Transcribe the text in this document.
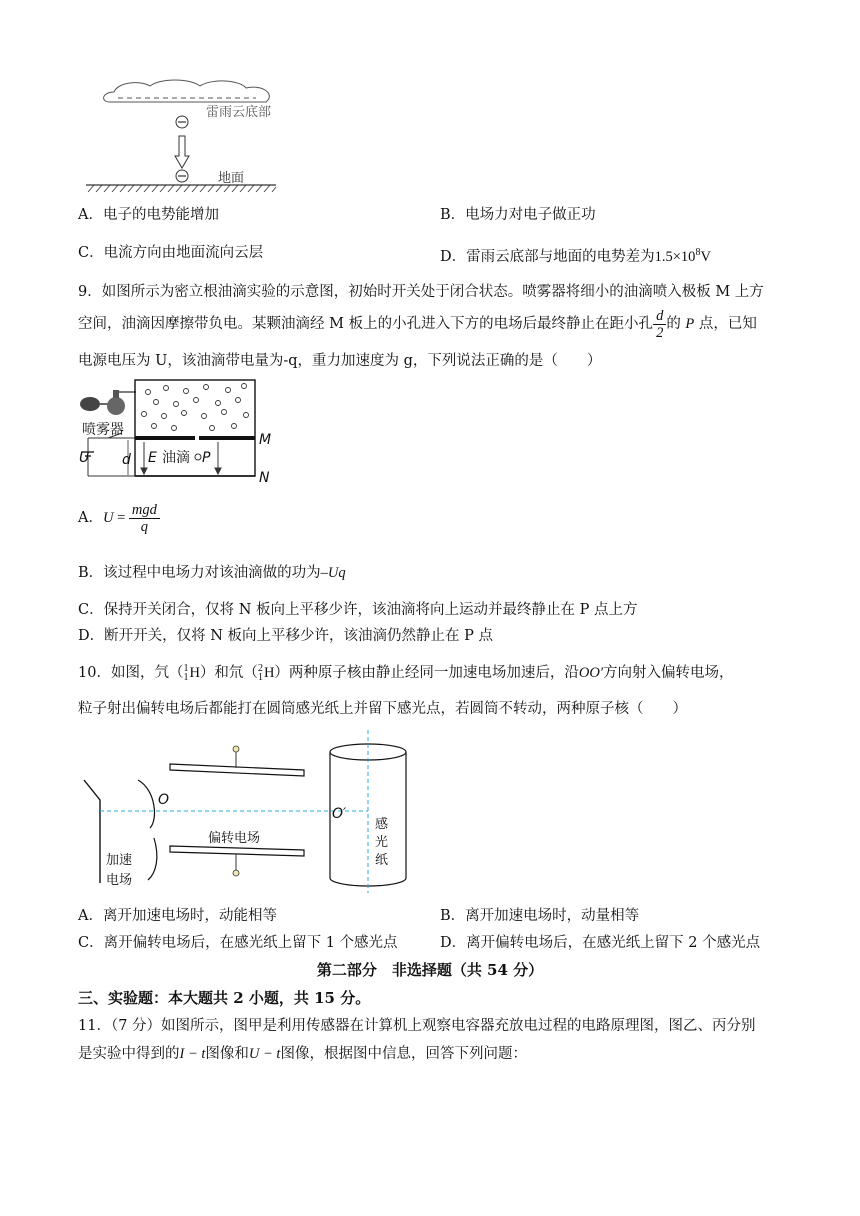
雷雨云底部
地面
A．电子的电势能增加	B．电场力对电子做正功
C．电流方向由地面流向云层	D．雷雨云底部与地面的电势差为$1.5\times 10^8V$
9．如图所示为密立根油滴实验的示意图，初始时开关处于闭合状态。喷雾器将细小的油滴喷入极板 M 上方
空间，油滴因摩擦带负电。某颗油滴经 M 板上的小孔进入下方的电场后最终静止在距小孔 $\frac{d}{2}$ 的 P 点，已知
电源电压为 U，该油滴带电量为-q，重力加速度为 g，下列说法正确的是（　　）
喷雾器
M
N
U d E 油滴 P
A．$U = \frac{\text{mgd}}{q}$
B．该过程中电场力对该油滴做的功为–Uq
C．保持开关闭合，仅将 N 板向上平移少许，该油滴将向上运动并最终静止在 P 点上方
D．断开开关，仅将 N 板向上平移少许，该油滴仍然静止在 P 点
10．如图，氕（ 1
1 H）和氘（ 2
1 H）两种原子核由静止经同一加速电场加速后，沿OO′方向射入偏转电场，
粒子射出偏转电场后都能打在圆筒感光纸上并留下感光点，若圆筒不转动，两种原子核（　　）
O
O′
加速
电场
偏转电场
感
光
纸
A．离开加速电场时，动能相等	B．离开加速电场时，动量相等
C．离开偏转电场后，在感光纸上留下 1 个感光点	D．离开偏转电场后，在感光纸上留下 2 个感光点
第二部分　非选择题（共 54 分）
三、实验题：本大题共 2 小题，共 15 分。
11．（7 分）如图所示，图甲是利用传感器在计算机上观察电容器充放电过程的电路原理图，图乙、丙分别
是实验中得到的I − t图像和U − t图像，根据图中信息，回答下列问题：
